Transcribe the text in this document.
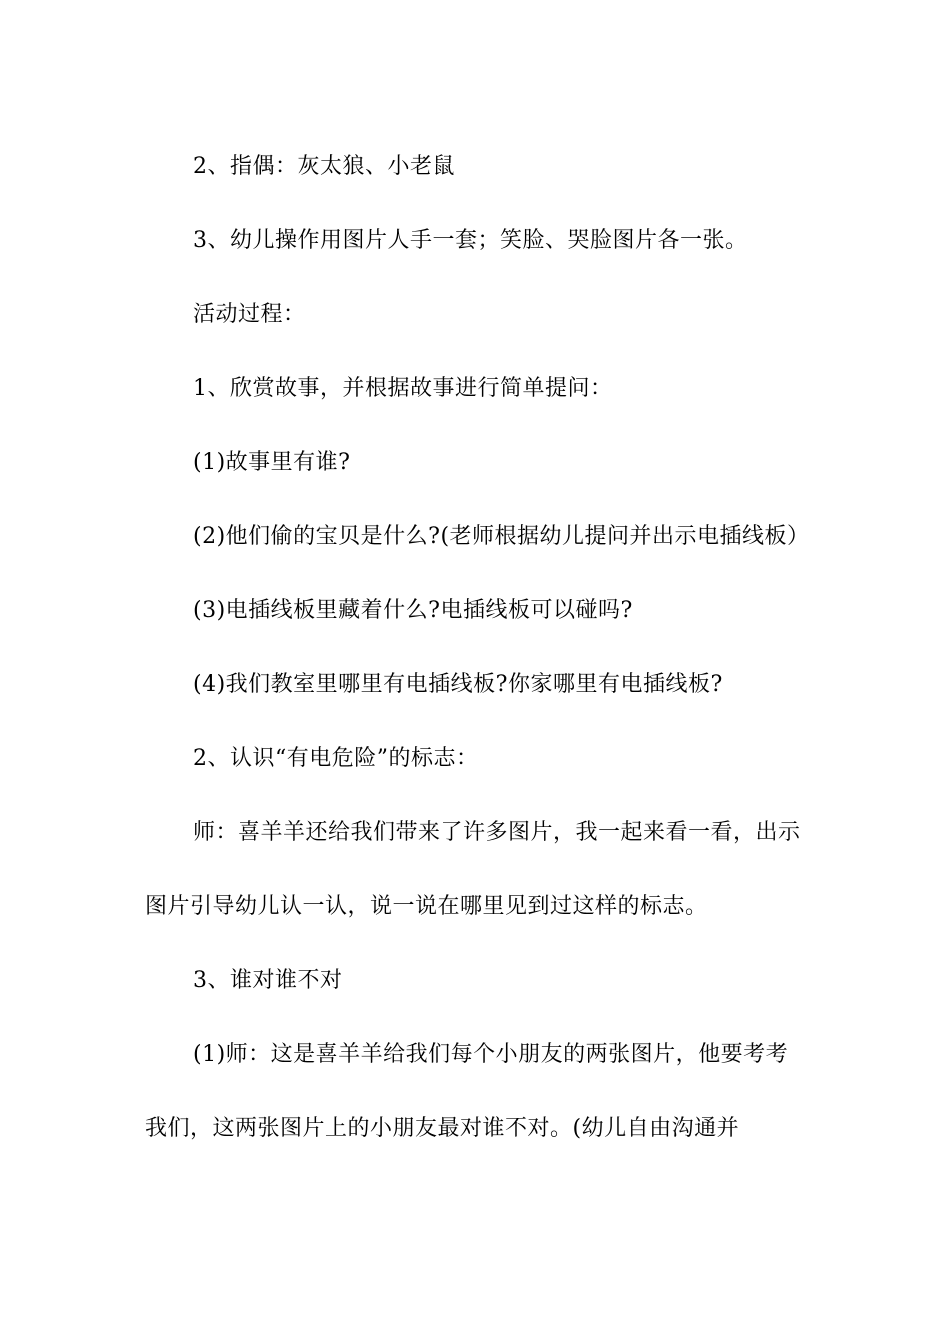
2、指偶：灰太狼、小老鼠

3、幼儿操作用图片人手一套；笑脸、哭脸图片各一张。

活动过程：

1、欣赏故事，并根据故事进行简单提问：

(1)故事里有谁?

(2)他们偷的宝贝是什么?(老师根据幼儿提问并出示电插线板）

(3)电插线板里藏着什么?电插线板可以碰吗?

(4)我们教室里哪里有电插线板?你家哪里有电插线板?

2、认识“有电危险”的标志：

师：喜羊羊还给我们带来了许多图片，我一起来看一看，出示图片引导幼儿认一认，说一说在哪里见到过这样的标志。

3、谁对谁不对

(1)师：这是喜羊羊给我们每个小朋友的两张图片，他要考考我们，这两张图片上的小朋友最对谁不对。(幼儿自由沟通并
